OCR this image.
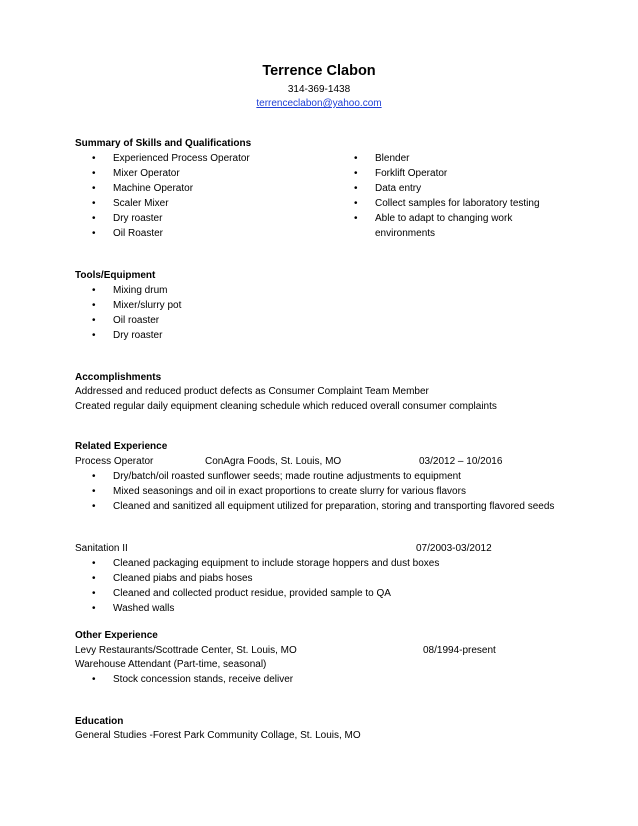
Terrence Clabon
314-369-1438
terrenceclabon@yahoo.com
Summary of Skills and Qualifications
• Experienced Process Operator
• Mixer Operator
• Machine Operator
• Scaler Mixer
• Dry roaster
• Oil Roaster
• Blender
• Forklift Operator
• Data entry
• Collect samples for laboratory testing
• Able to adapt to changing work environments
Tools/Equipment
• Mixing drum
• Mixer/slurry pot
• Oil roaster
• Dry roaster
Accomplishments
Addressed and reduced product defects as Consumer Complaint Team Member
Created regular daily equipment cleaning schedule which reduced overall consumer complaints
Related Experience
Process Operator	ConAgra Foods, St. Louis, MO	03/2012 – 10/2016
• Dry/batch/oil roasted sunflower seeds; made routine adjustments to equipment
• Mixed seasonings and oil in exact proportions to create slurry for various flavors
• Cleaned and sanitized all equipment utilized for preparation, storing and transporting flavored seeds
Sanitation II	07/2003-03/2012
• Cleaned packaging equipment to include storage hoppers and dust boxes
• Cleaned piabs and piabs hoses
• Cleaned and collected product residue, provided sample to QA
• Washed walls
Other Experience
Levy Restaurants/Scottrade Center, St. Louis, MO	08/1994-present
Warehouse Attendant (Part-time, seasonal)
• Stock concession stands, receive deliver
Education
General Studies -Forest Park Community Collage, St. Louis, MO
